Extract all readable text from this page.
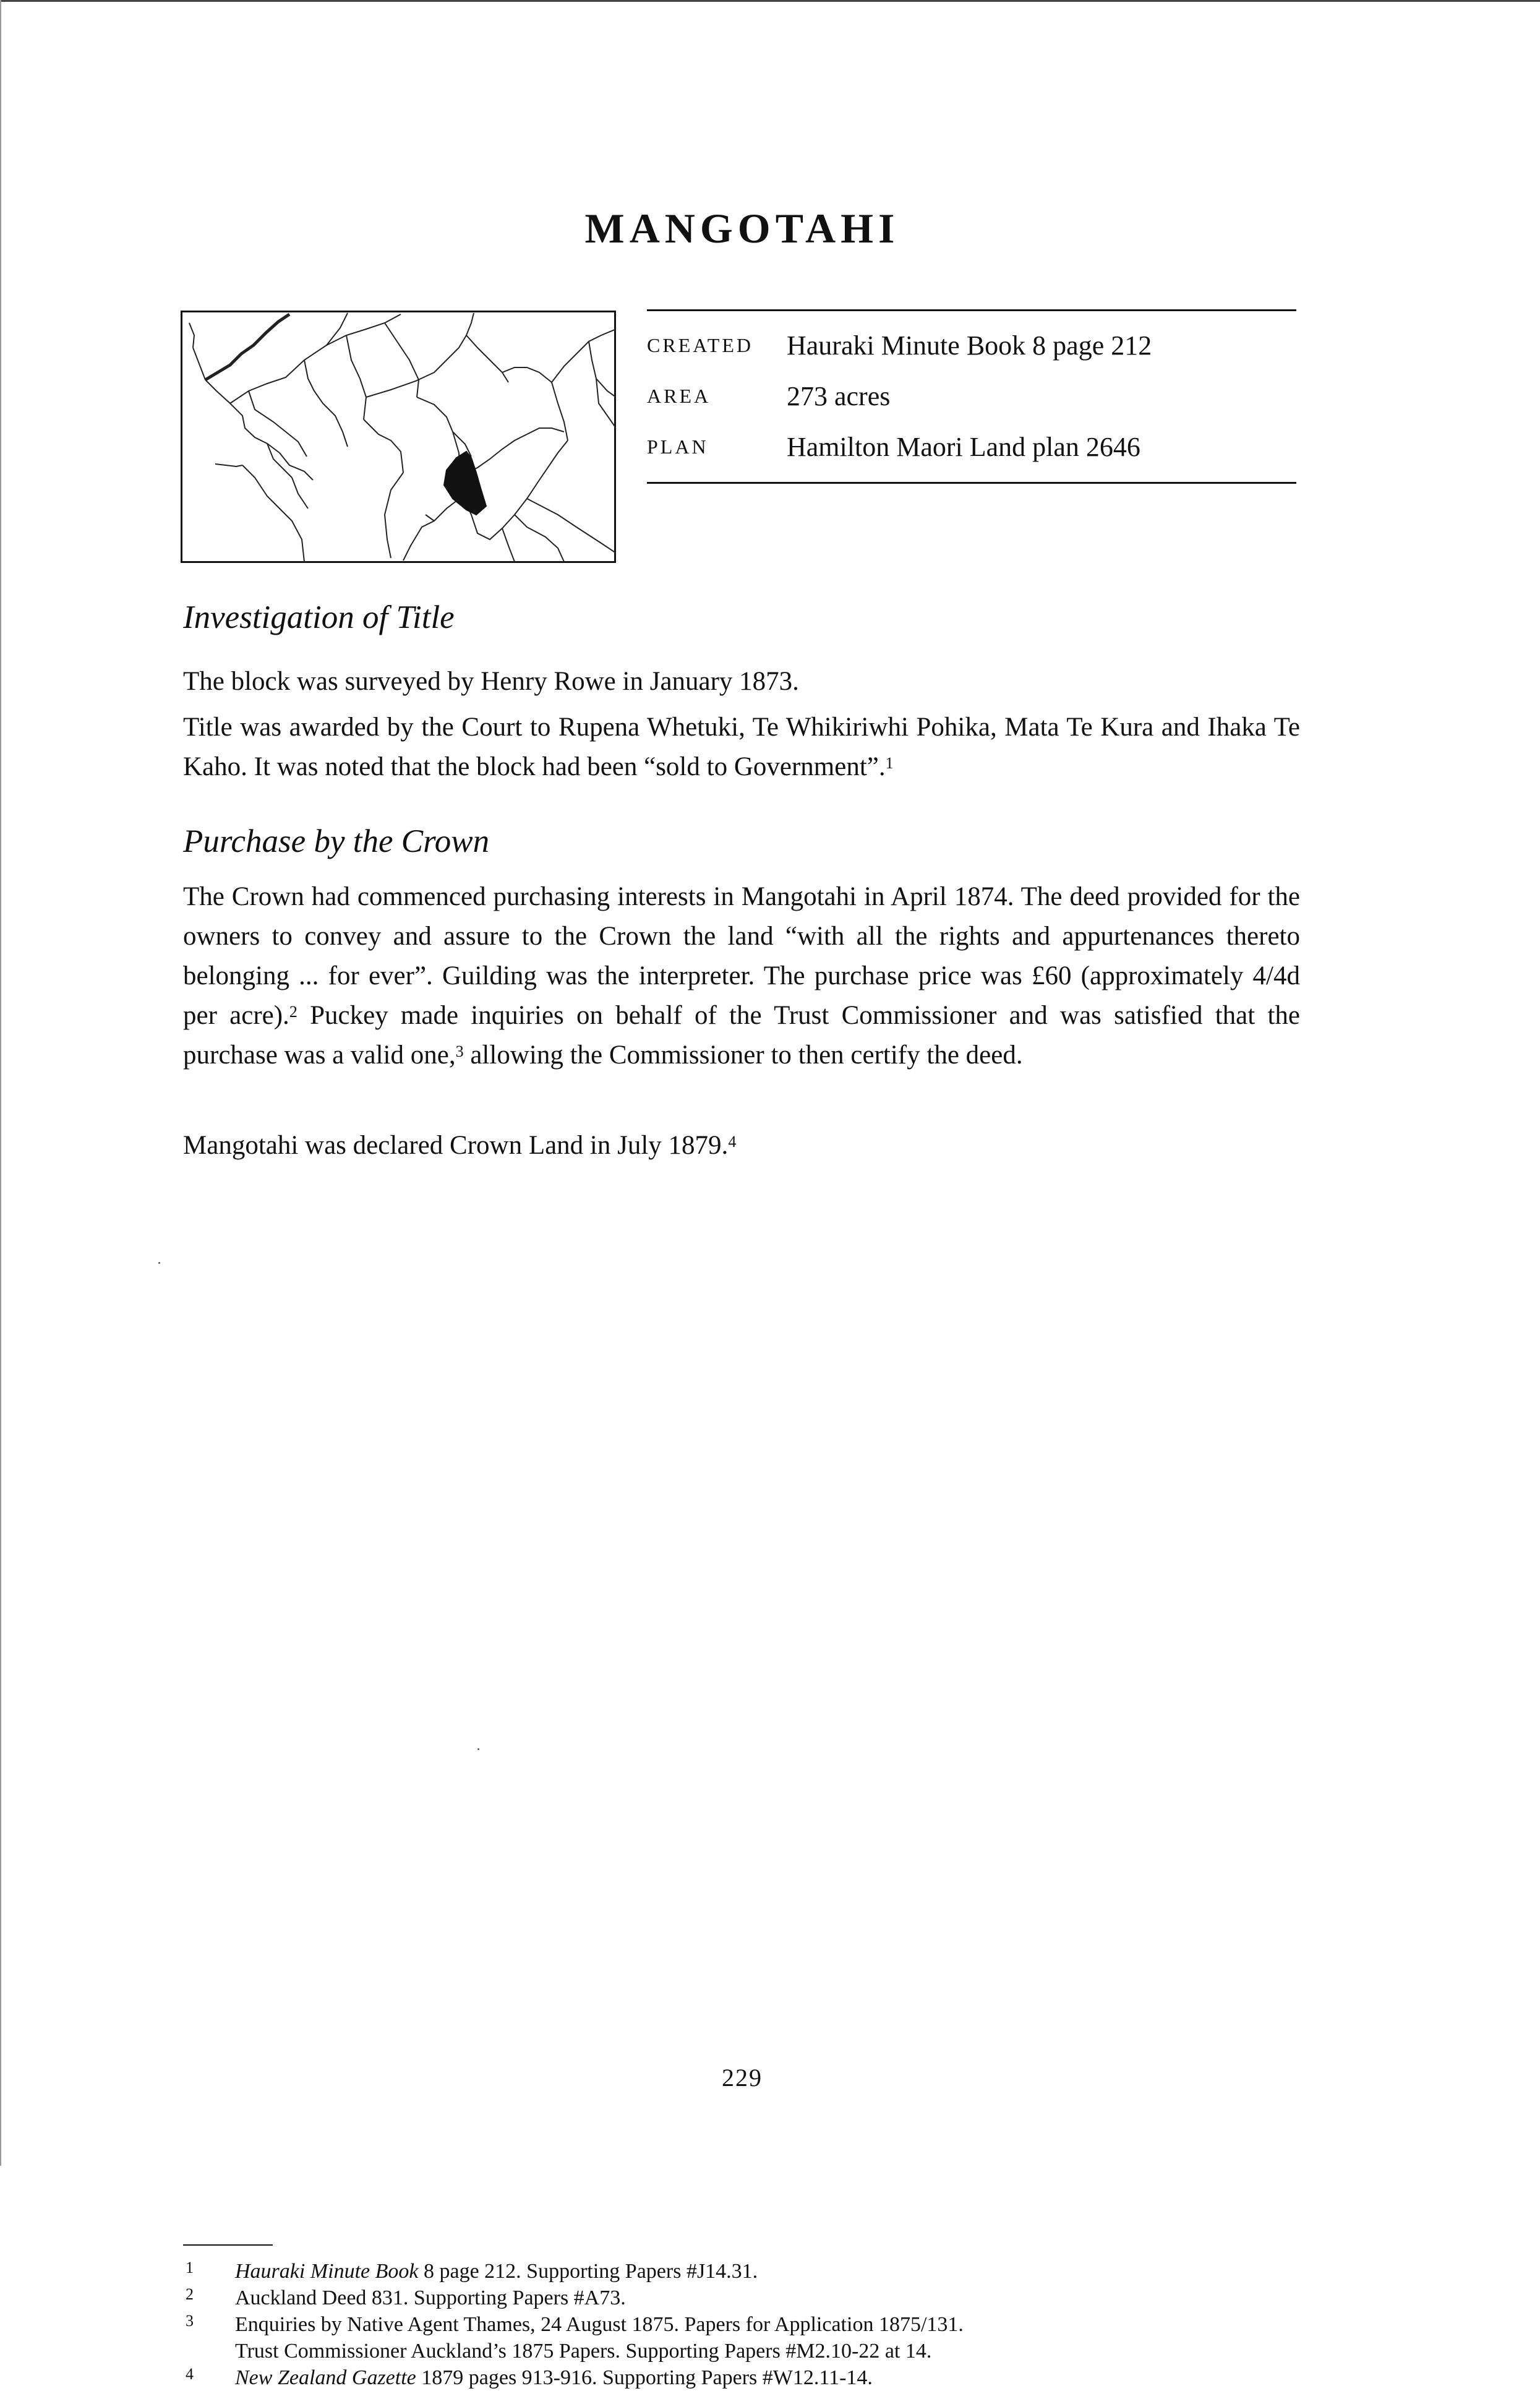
MANGOTAHI
CREATED	Hauraki Minute Book 8 page 212
AREA	273 acres
PLAN	Hamilton Maori Land plan 2646
Investigation of Title

The block was surveyed by Henry Rowe in January 1873.

Title was awarded by the Court to Rupena Whetuki, Te Whikiriwhi Pohika, Mata Te Kura and Ihaka Te Kaho. It was noted that the block had been “sold to Government”.$^1$

Purchase by the Crown

The Crown had commenced purchasing interests in Mangotahi in April 1874. The deed provided for the owners to convey and assure to the Crown the land “with all the rights and appurtenances thereto belonging ... for ever”. Guilding was the interpreter. The purchase price was £60 (approximately 4/4d per acre).$^2$ Puckey made inquiries on behalf of the Trust Commissioner and was satisfied that the purchase was a valid one,$^3$ allowing the Commissioner to then certify the deed.

Mangotahi was declared Crown Land in July 1879.$^4$

1 Hauraki Minute Book 8 page 212. Supporting Papers #J14.31.
2 Auckland Deed 831. Supporting Papers #A73.
3 Enquiries by Native Agent Thames, 24 August 1875. Papers for Application 1875/131.
Trust Commissioner Auckland’s 1875 Papers. Supporting Papers #M2.10-22 at 14.
4 New Zealand Gazette 1879 pages 913-916. Supporting Papers #W12.11-14.
229
